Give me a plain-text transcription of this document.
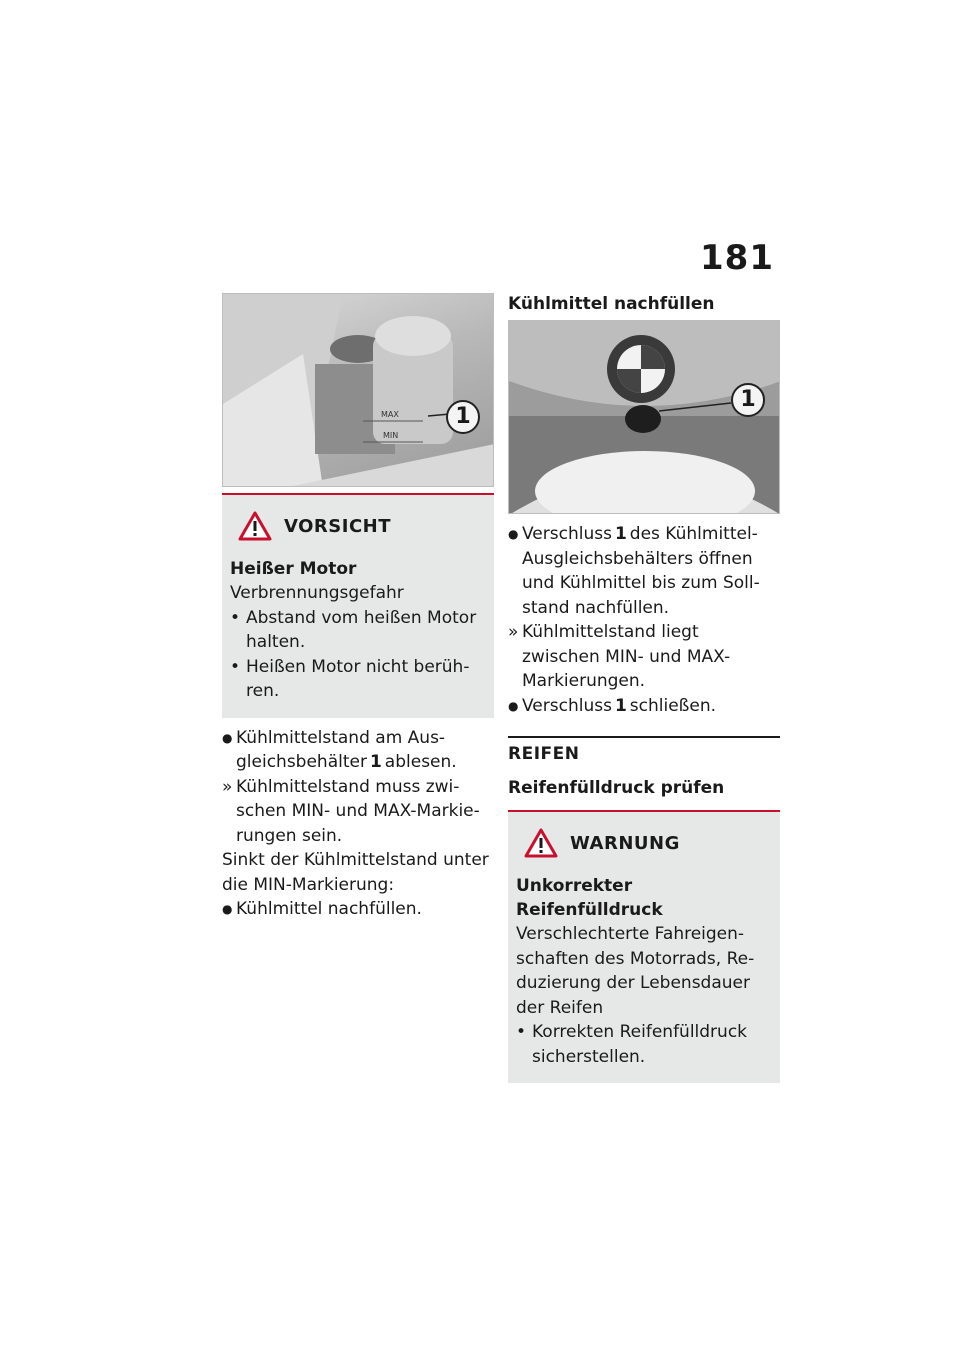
181
MAX
MIN
1
VORSICHT
Heißer Motor
Verbrennungsgefahr
• Abstand vom heißen Motor halten.
• Heißen Motor nicht berüh-ren.
● Kühlmittelstand am Aus-gleichsbehälter 1 ablesen.
» Kühlmittelstand muss zwi-schen MIN- und MAX-Markie-rungen sein.
Sinkt der Kühlmittelstand unter die MIN-Markierung:
● Kühlmittel nachfüllen.
Kühlmittel nachfüllen
1
● Verschluss 1 des Kühlmittel-Ausgleichsbehälters öffnen und Kühlmittel bis zum Soll-stand nachfüllen.
» Kühlmittelstand liegt zwischen MIN- und MAX-Markierungen.
● Verschluss 1 schließen.
REIFEN
Reifenfülldruck prüfen
WARNUNG
Unkorrekter Reifenfülldruck
Verschlechterte Fahreigen-schaften des Motorrads, Re-duzierung der Lebensdauer der Reifen
• Korrekten Reifenfülldruck sicherstellen.
